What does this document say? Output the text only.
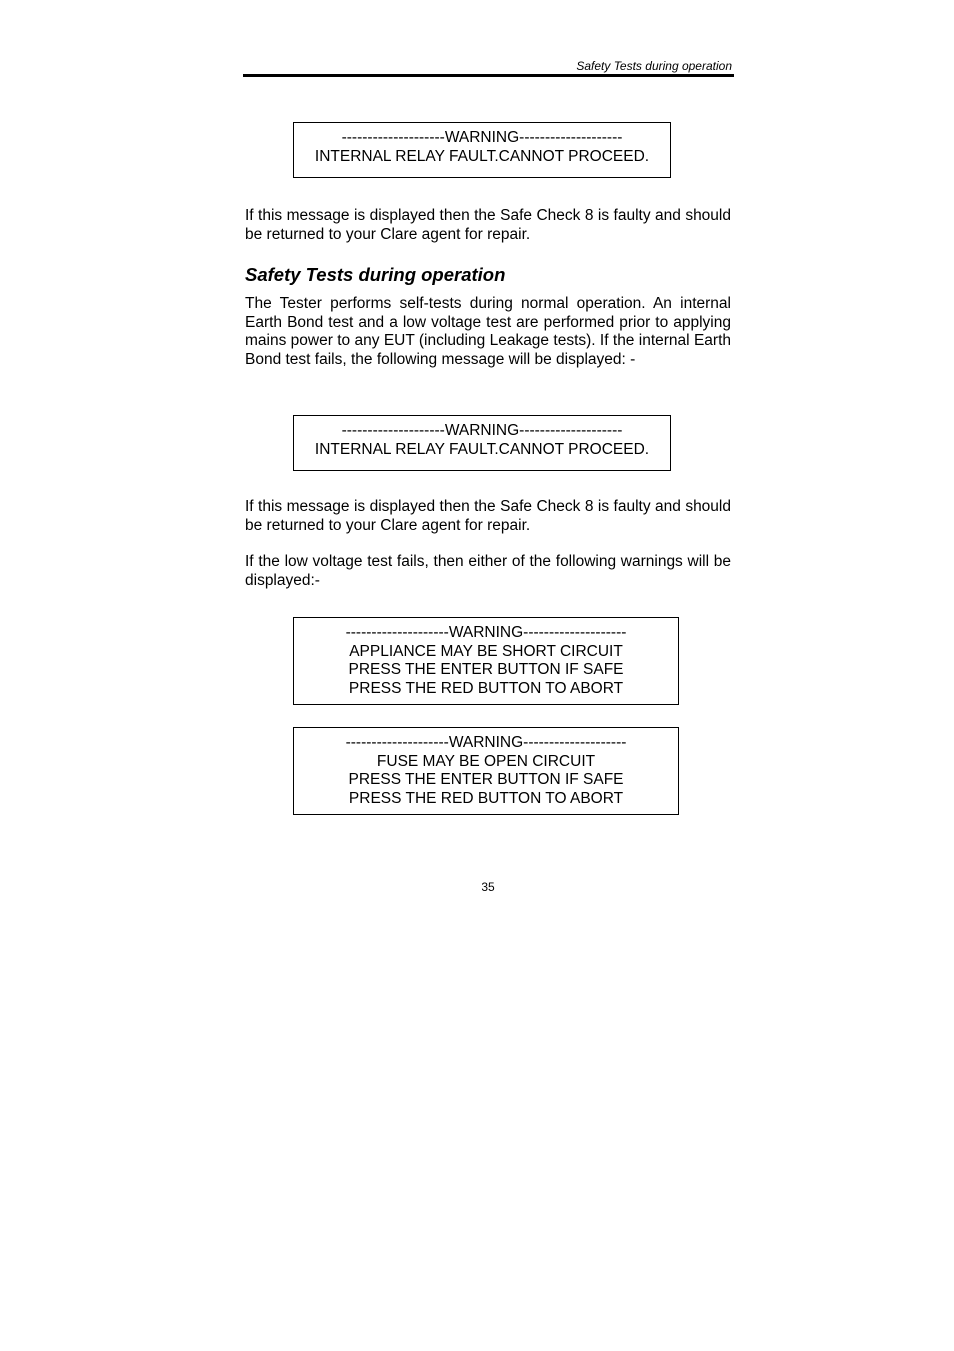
Safety Tests during operation
--------------------WARNING--------------------
INTERNAL RELAY FAULT.CANNOT PROCEED.

If this message is displayed then the Safe Check 8 is faulty and should be returned to your Clare agent for repair.

Safety Tests during operation

The Tester performs self-tests during normal operation. An internal Earth Bond test and a low voltage test are performed prior to applying mains power to any EUT (including Leakage tests). If the internal Earth Bond test fails, the following message will be displayed: -

--------------------WARNING--------------------
INTERNAL RELAY FAULT.CANNOT PROCEED.

If this message is displayed then the Safe Check 8 is faulty and should be returned to your Clare agent for repair.

If the low voltage test fails, then either of the following warnings will be displayed:-

--------------------WARNING--------------------
APPLIANCE MAY BE SHORT CIRCUIT
PRESS THE ENTER BUTTON IF SAFE
PRESS THE RED BUTTON TO ABORT
--------------------WARNING--------------------
FUSE MAY BE OPEN CIRCUIT
PRESS THE ENTER BUTTON IF SAFE
PRESS THE RED BUTTON TO ABORT
35
